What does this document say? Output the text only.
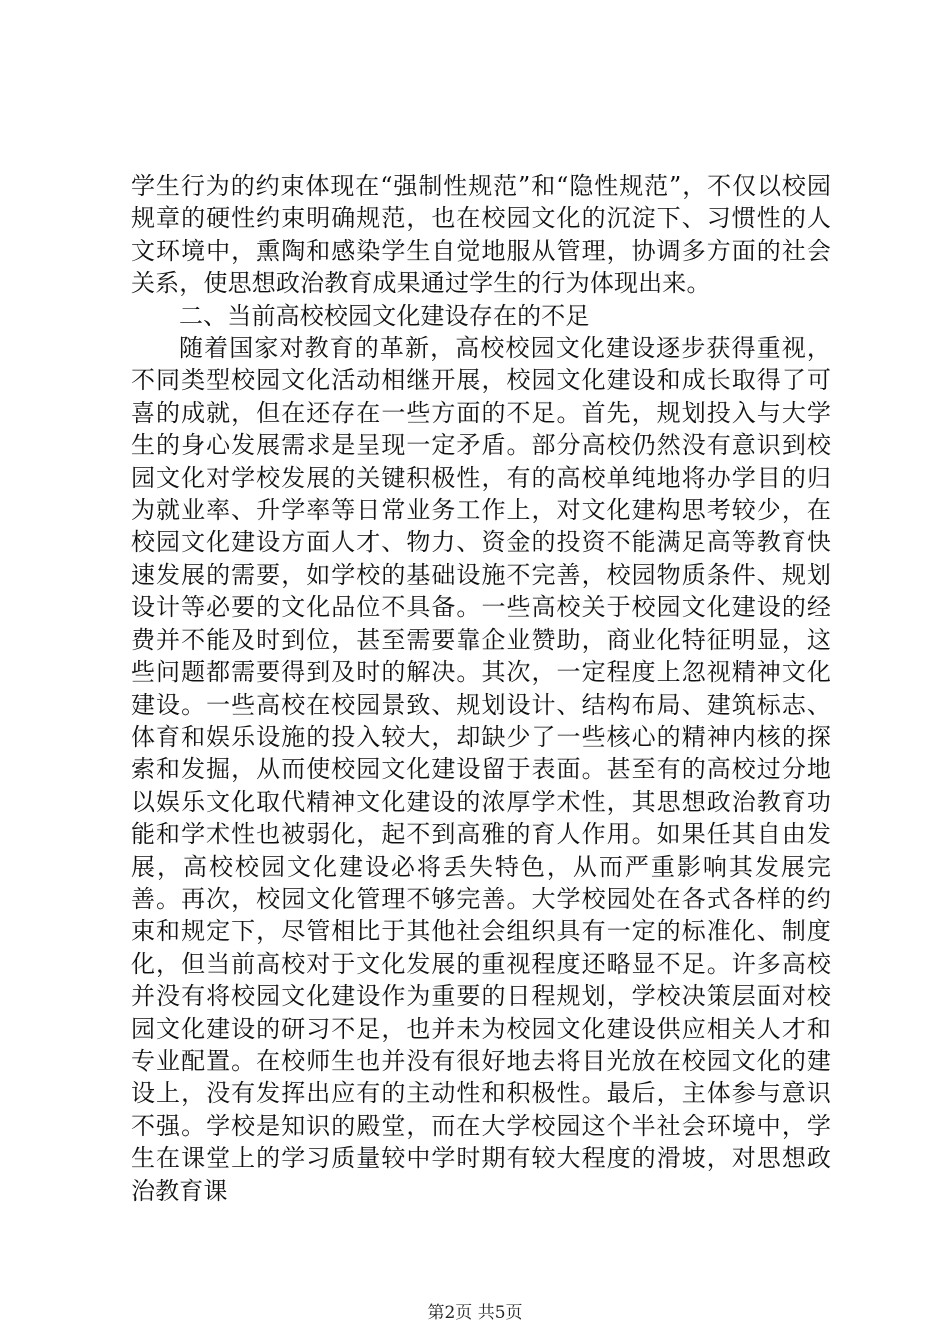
学生行为的约束体现在“强制性规范”和“隐性规范”，不仅以校园规章的硬性约束明确规范，也在校园文化的沉淀下、习惯性的人文环境中，熏陶和感染学生自觉地服从管理，协调多方面的社会关系，使思想政治教育成果通过学生的行为体现出来。

二、当前高校校园文化建设存在的不足

随着国家对教育的革新，高校校园文化建设逐步获得重视，不同类型校园文化活动相继开展，校园文化建设和成长取得了可喜的成就，但在还存在一些方面的不足。首先，规划投入与大学生的身心发展需求是呈现一定矛盾。部分高校仍然没有意识到校园文化对学校发展的关键积极性，有的高校单纯地将办学目的归为就业率、升学率等日常业务工作上，对文化建构思考较少，在校园文化建设方面人才、物力、资金的投资不能满足高等教育快速发展的需要，如学校的基础设施不完善，校园物质条件、规划设计等必要的文化品位不具备。一些高校关于校园文化建设的经费并不能及时到位，甚至需要靠企业赞助，商业化特征明显，这些问题都需要得到及时的解决。其次，一定程度上忽视精神文化建设。一些高校在校园景致、规划设计、结构布局、建筑标志、体育和娱乐设施的投入较大，却缺少了一些核心的精神内核的探索和发掘，从而使校园文化建设留于表面。甚至有的高校过分地以娱乐文化取代精神文化建设的浓厚学术性，其思想政治教育功能和学术性也被弱化，起不到高雅的育人作用。如果任其自由发展，高校校园文化建设必将丢失特色，从而严重影响其发展完善。再次，校园文化管理不够完善。大学校园处在各式各样的约束和规定下，尽管相比于其他社会组织具有一定的标准化、制度化，但当前高校对于文化发展的重视程度还略显不足。许多高校并没有将校园文化建设作为重要的日程规划，学校决策层面对校园文化建设的研习不足，也并未为校园文化建设供应相关人才和专业配置。在校师生也并没有很好地去将目光放在校园文化的建设上，没有发挥出应有的主动性和积极性。最后，主体参与意识不强。学校是知识的殿堂，而在大学校园这个半社会环境中，学生在课堂上的学习质量较中学时期有较大程度的滑坡，对思想政治教育课

第2页 共5页
